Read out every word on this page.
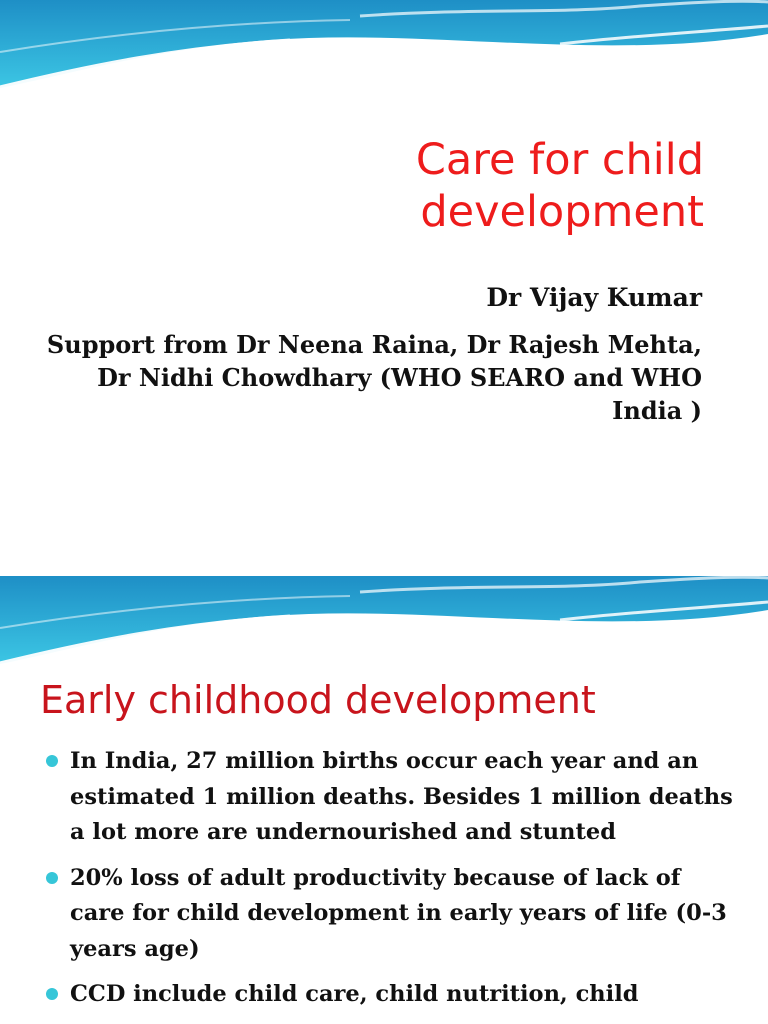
Care for child development

Dr Vijay Kumar

Support from Dr Neena Raina, Dr Rajesh Mehta, Dr Nidhi Chowdhary (WHO SEARO and WHO India )

Early childhood development
In India, 27 million births occur each year and an estimated 1 million deaths. Besides 1 million deaths a lot more are undernourished and stunted
20% loss of adult productivity because of lack of care for child development in early years of life (0-3 years age)
CCD include child care, child nutrition, child
